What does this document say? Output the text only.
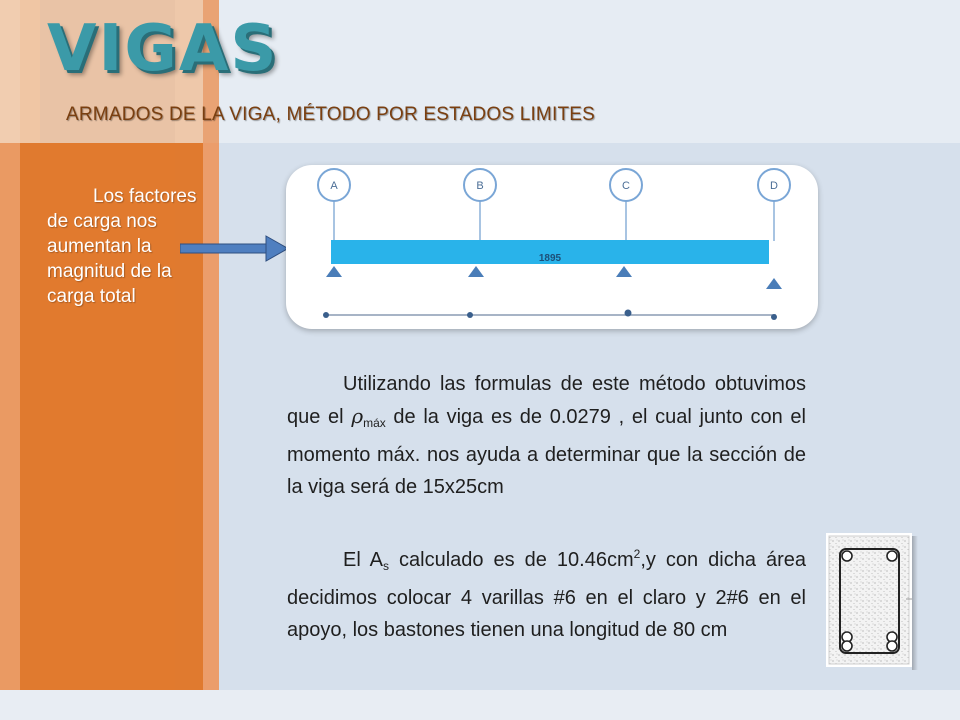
VIGAS
ARMADOS DE LA VIGA, MÉTODO POR ESTADOS LIMITES
Los factores de carga nos aumentan la magnitud de la carga total
A	B	C	D
1895
Utilizando las formulas de este método obtuvimos que el $\rho_{máx}$ de la viga es de 0.0279 , el cual junto con el momento máx. nos ayuda a determinar que la sección de la viga será de 15x25cm
El $A_s$ calculado es de $10.46cm^2,y$ con dicha área decidimos colocar 4 varillas #6 en el claro y 2#6 en el apoyo, los bastones tienen una longitud de 80 cm
